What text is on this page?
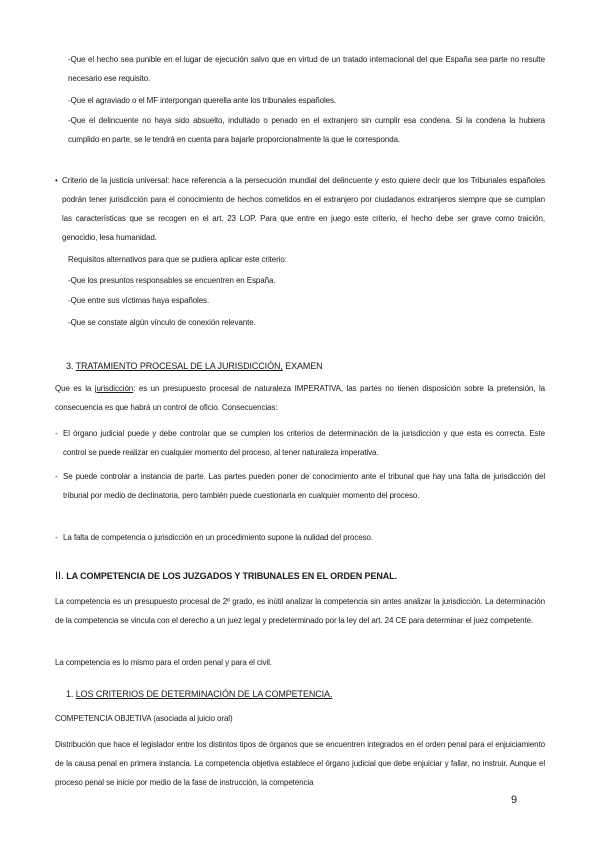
-Que el hecho sea punible en el lugar de ejecución salvo que en virtud de un tratado internacional del que España sea parte no resulte necesario ese requisito.
-Que el agraviado o el MF interpongan querella ante los tribunales españoles.
-Que el delincuente no haya sido absuelto, indultado o penado en el extranjero sin cumplir esa condena. Si la condena la hubiera cumplido en parte, se le tendrá en cuenta para bajarle proporcionalmente la que le corresponda.
• Criterio de la justicia universal: hace referencia a la persecución mundial del delincuente y esto quiere decir que los Tribunales españoles podrán tener jurisdicción para el conocimiento de hechos cometidos en el extranjero por ciudadanos extranjeros siempre que se cumplan las características que se recogen en el art. 23 LOP. Para que entre en juego este criterio, el hecho debe ser grave como traición, genocidio, lesa humanidad.
Requisitos alternativos para que se pudiera aplicar este criterio:
-Que los presuntos responsables se encuentren en España.
-Que entre sus víctimas haya españoles.
-Que se constate algún vínculo de conexión relevante.
3. TRATAMIENTO PROCESAL DE LA JURISDICCIÓN, EXAMEN
Que es la jurisdicción: es un presupuesto procesal de naturaleza IMPERATIVA, las partes no tienen disposición sobre la pretensión, la consecuencia es que habrá un control de oficio. Consecuencias:
- El órgano judicial puede y debe controlar que se cumplen los criterios de determinación de la jurisdicción y que esta es correcta. Este control se puede realizar en cualquier momento del proceso, al tener naturaleza imperativa.
- Se puede controlar a instancia de parte. Las partes pueden poner de conocimiento ante el tribunal que hay una falta de jurisdicción del tribunal por medio de declinatoria, pero también puede cuestionarla en cualquier momento del proceso.
- La falta de competencia o jurisdicción en un procedimiento supone la nulidad del proceso.
II. LA COMPETENCIA DE LOS JUZGADOS Y TRIBUNALES EN EL ORDEN PENAL.
La competencia es un presupuesto procesal de 2º grado, es inútil analizar la competencia sin antes analizar la jurisdicción. La determinación de la competencia se vincula con el derecho a un juez legal y predeterminado por la ley del art. 24 CE para determinar el juez competente.
La competencia es lo mismo para el orden penal y para el civil.
1. LOS CRITERIOS DE DETERMINACIÓN DE LA COMPETENCIA.
COMPETENCIA OBJETIVA (asociada al juicio oral)
Distribución que hace el legislador entre los distintos tipos de órganos que se encuentren integrados en el orden penal para el enjuiciamiento de la causa penal en primera instancia. La competencia objetiva establece el órgano judicial que debe enjuiciar y fallar, no instruir. Aunque el proceso penal se inicie por medio de la fase de instrucción, la competencia
9
